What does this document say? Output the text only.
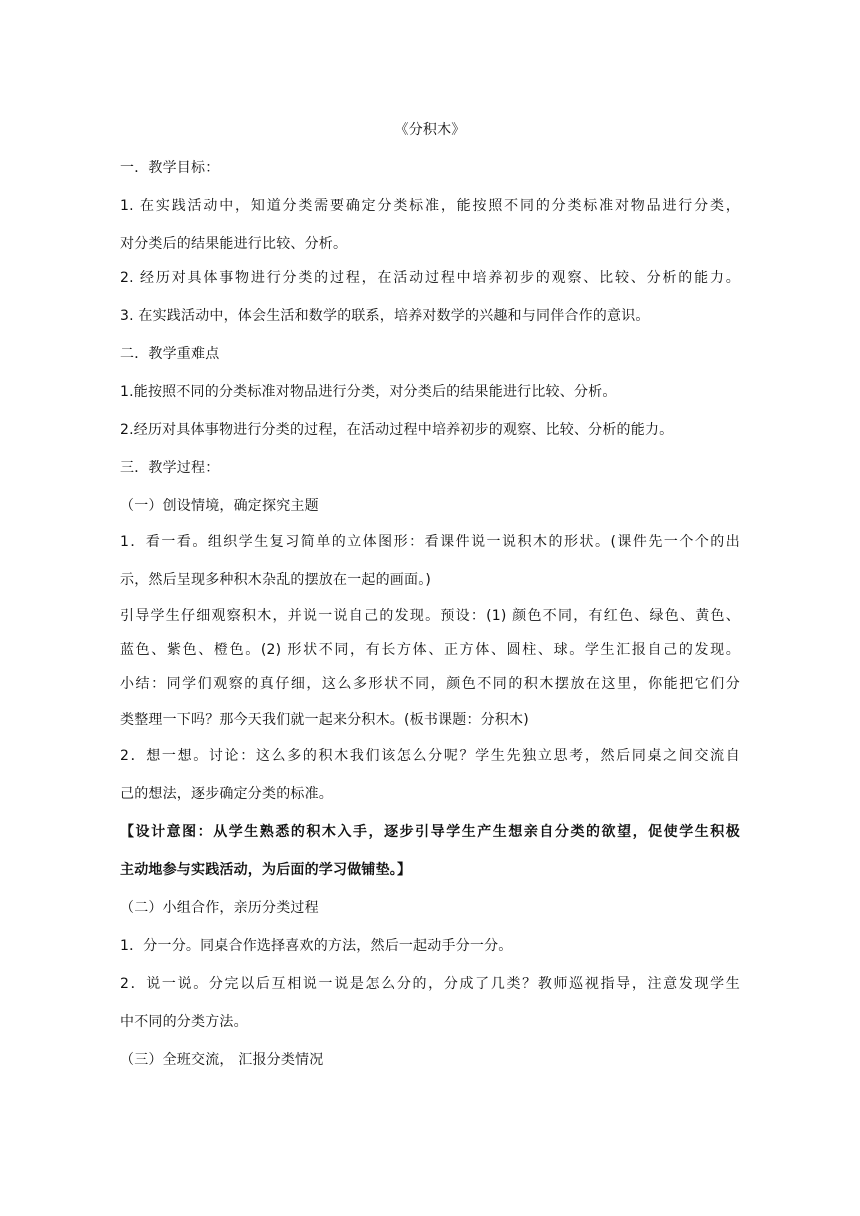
《分积木》
一．教学目标：
1. 在实践活动中，知道分类需要确定分类标准，能按照不同的分类标准对物品进行分类，
对分类后的结果能进行比较、分析。
2. 经历对具体事物进行分类的过程，在活动过程中培养初步的观察、比较、分析的能力。
3. 在实践活动中，体会生活和数学的联系，培养对数学的兴趣和与同伴合作的意识。
二．教学重难点
1.能按照不同的分类标准对物品进行分类，对分类后的结果能进行比较、分析。
2.经历对具体事物进行分类的过程，在活动过程中培养初步的观察、比较、分析的能力。
三．教学过程：
（一）创设情境，确定探究主题
1．看一看。组织学生复习简单的立体图形：看课件说一说积木的形状。(课件先一个个的出
示，然后呈现多种积木杂乱的摆放在一起的画面。)
引导学生仔细观察积木，并说一说自己的发现。预设：(1) 颜色不同，有红色、绿色、黄色、
蓝色、紫色、橙色。(2) 形状不同，有长方体、正方体、圆柱、球。学生汇报自己的发现。
小结：同学们观察的真仔细，这么多形状不同，颜色不同的积木摆放在这里，你能把它们分
类整理一下吗？那今天我们就一起来分积木。(板书课题：分积木)
2．想一想。讨论：这么多的积木我们该怎么分呢？学生先独立思考，然后同桌之间交流自
己的想法，逐步确定分类的标准。
【设计意图：从学生熟悉的积木入手，逐步引导学生产生想亲自分类的欲望，促使学生积极
主动地参与实践活动，为后面的学习做铺垫。】
（二）小组合作，亲历分类过程
1．分一分。同桌合作选择喜欢的方法，然后一起动手分一分。
2．说一说。分完以后互相说一说是怎么分的，分成了几类？教师巡视指导，注意发现学生
中不同的分类方法。
（三）全班交流， 汇报分类情况
